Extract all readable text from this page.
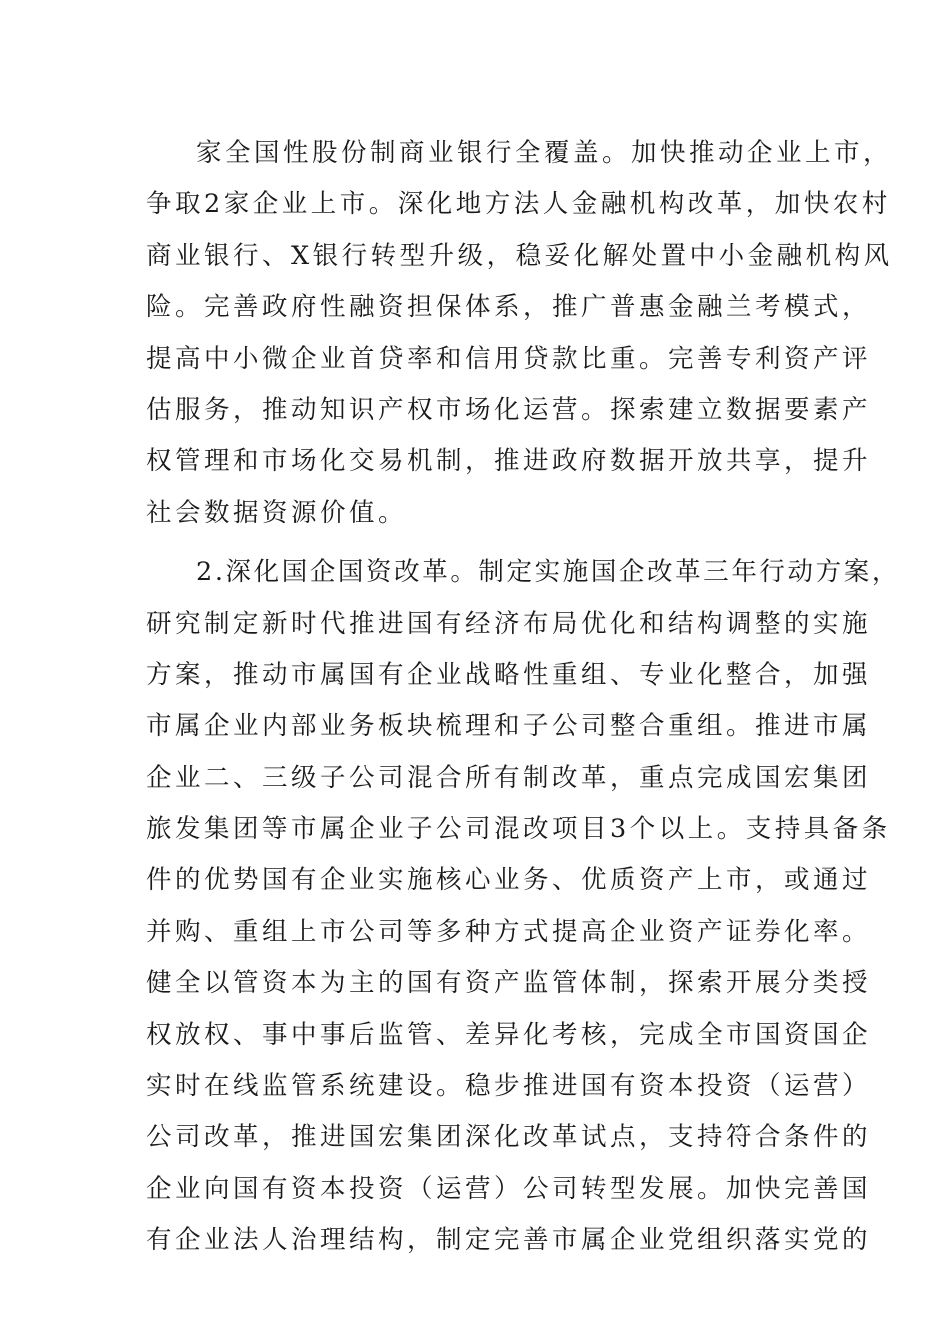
家全国性股份制商业银行全覆盖。加快推动企业上市，
争取2家企业上市。深化地方法人金融机构改革，加快农村
商业银行、X银行转型升级，稳妥化解处置中小金融机构风
险。完善政府性融资担保体系，推广普惠金融兰考模式，
提高中小微企业首贷率和信用贷款比重。完善专利资产评
估服务，推动知识产权市场化运营。探索建立数据要素产
权管理和市场化交易机制，推进政府数据开放共享，提升
社会数据资源价值。
2.深化国企国资改革。制定实施国企改革三年行动方案，
研究制定新时代推进国有经济布局优化和结构调整的实施
方案，推动市属国有企业战略性重组、专业化整合，加强
市属企业内部业务板块梳理和子公司整合重组。推进市属
企业二、三级子公司混合所有制改革，重点完成国宏集团
旅发集团等市属企业子公司混改项目3个以上。支持具备条
件的优势国有企业实施核心业务、优质资产上市，或通过
并购、重组上市公司等多种方式提高企业资产证券化率。
健全以管资本为主的国有资产监管体制，探索开展分类授
权放权、事中事后监管、差异化考核，完成全市国资国企
实时在线监管系统建设。稳步推进国有资本投资（运营）
公司改革，推进国宏集团深化改革试点，支持符合条件的
企业向国有资本投资（运营）公司转型发展。加快完善国
有企业法人治理结构，制定完善市属企业党组织落实党的
